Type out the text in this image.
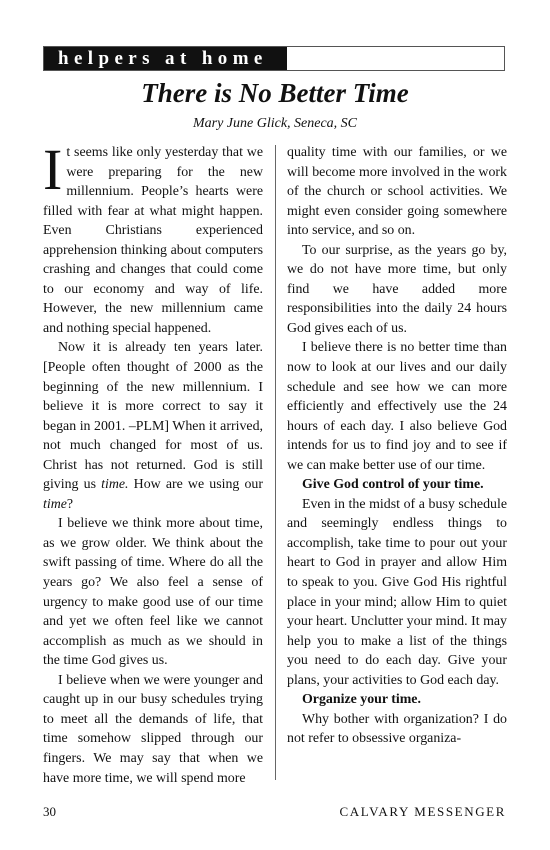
helpers at home
There is No Better Time
Mary June Glick, Seneca, SC

It seems like only yesterday that we were preparing for the new millennium. People’s hearts were filled with fear at what might happen. Even Christians experienced apprehension thinking about computers crashing and changes that could come to our economy and way of life. However, the new millennium came and nothing special happened.

Now it is already ten years later. [People often thought of 2000 as the beginning of the new millennium. I believe it is more correct to say it began in 2001. –PLM] When it arrived, not much changed for most of us. Christ has not returned. God is still giving us time. How are we using our time?

I believe we think more about time, as we grow older. We think about the swift passing of time. Where do all the years go? We also feel a sense of urgency to make good use of our time and yet we often feel like we cannot accomplish as much as we should in the time God gives us.

I believe when we were younger and caught up in our busy schedules trying to meet all the demands of life, that time somehow slipped through our fingers. We may say that when we have more time, we will spend more

quality time with our families, or we will become more involved in the work of the church or school activities. We might even consider going somewhere into service, and so on.

To our surprise, as the years go by, we do not have more time, but only find we have added more responsibilities into the daily 24 hours God gives each of us.

I believe there is no better time than now to look at our lives and our daily schedule and see how we can more efficiently and effectively use the 24 hours of each day. I also believe God intends for us to find joy and to see if we can make better use of our time.

Give God control of your time.

Even in the midst of a busy schedule and seemingly endless things to accomplish, take time to pour out your heart to God in prayer and allow Him to speak to you. Give God His rightful place in your mind; allow Him to quiet your heart. Unclutter your mind. It may help you to make a list of the things you need to do each day. Give your plans, your activities to God each day.

Organize your time.

Why bother with organization? I do not refer to obsessive organiza-

30	CALVARY MESSENGER
